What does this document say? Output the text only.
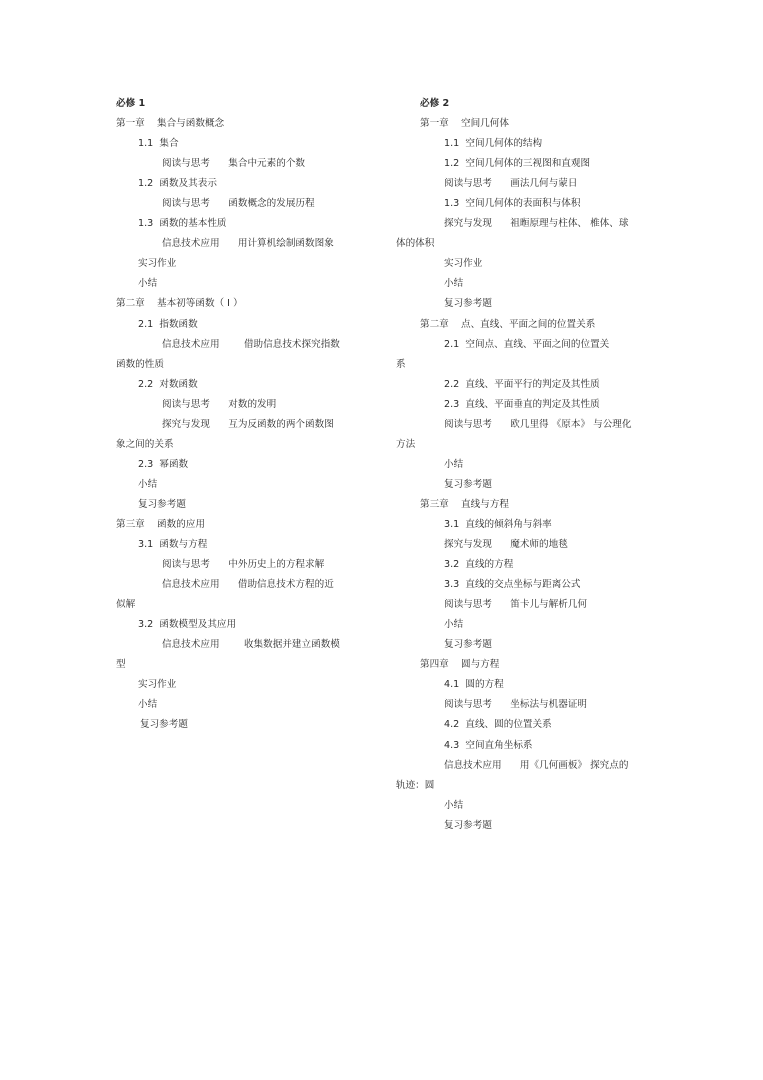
必修 1
第一章    集合与函数概念
1.1  集合
阅读与思考      集合中元素的个数
1.2  函数及其表示
阅读与思考      函数概念的发展历程
1.3  函数的基本性质
信息技术应用      用计算机绘制函数图象
实习作业
小结
第二章    基本初等函数（ I ）
2.1  指数函数
信息技术应用        借助信息技术探究指数
函数的性质
2.2  对数函数
阅读与思考      对数的发明
探究与发现      互为反函数的两个函数图
象之间的关系
2.3  幂函数
小结
复习参考题
第三章    函数的应用
3.1  函数与方程
阅读与思考      中外历史上的方程求解
信息技术应用      借助信息技术方程的近
似解
3.2  函数模型及其应用
信息技术应用        收集数据并建立函数模
型
实习作业
小结
复习参考题
必修 2
第一章    空间几何体
1.1  空间几何体的结构
1.2  空间几何体的三视图和直观图
阅读与思考      画法几何与蒙日
1.3  空间几何体的表面积与体积
探究与发现      祖暅原理与柱体、 椎体、球
体的体积
实习作业
小结
复习参考题
第二章    点、直线、平面之间的位置关系
2.1  空间点、直线、平面之间的位置关
系
2.2  直线、平面平行的判定及其性质
2.3  直线、平面垂直的判定及其性质
阅读与思考      欧几里得 《原本》 与公理化
方法
小结
复习参考题
第三章    直线与方程
3.1  直线的倾斜角与斜率
探究与发现      魔术师的地毯
3.2  直线的方程
3.3  直线的交点坐标与距离公式
阅读与思考      笛卡儿与解析几何
小结
复习参考题
第四章    圆与方程
4.1  圆的方程
阅读与思考      坐标法与机器证明
4.2  直线、圆的位置关系
4.3  空间直角坐标系
信息技术应用      用《几何画板》 探究点的
轨迹：圆
小结
复习参考题
